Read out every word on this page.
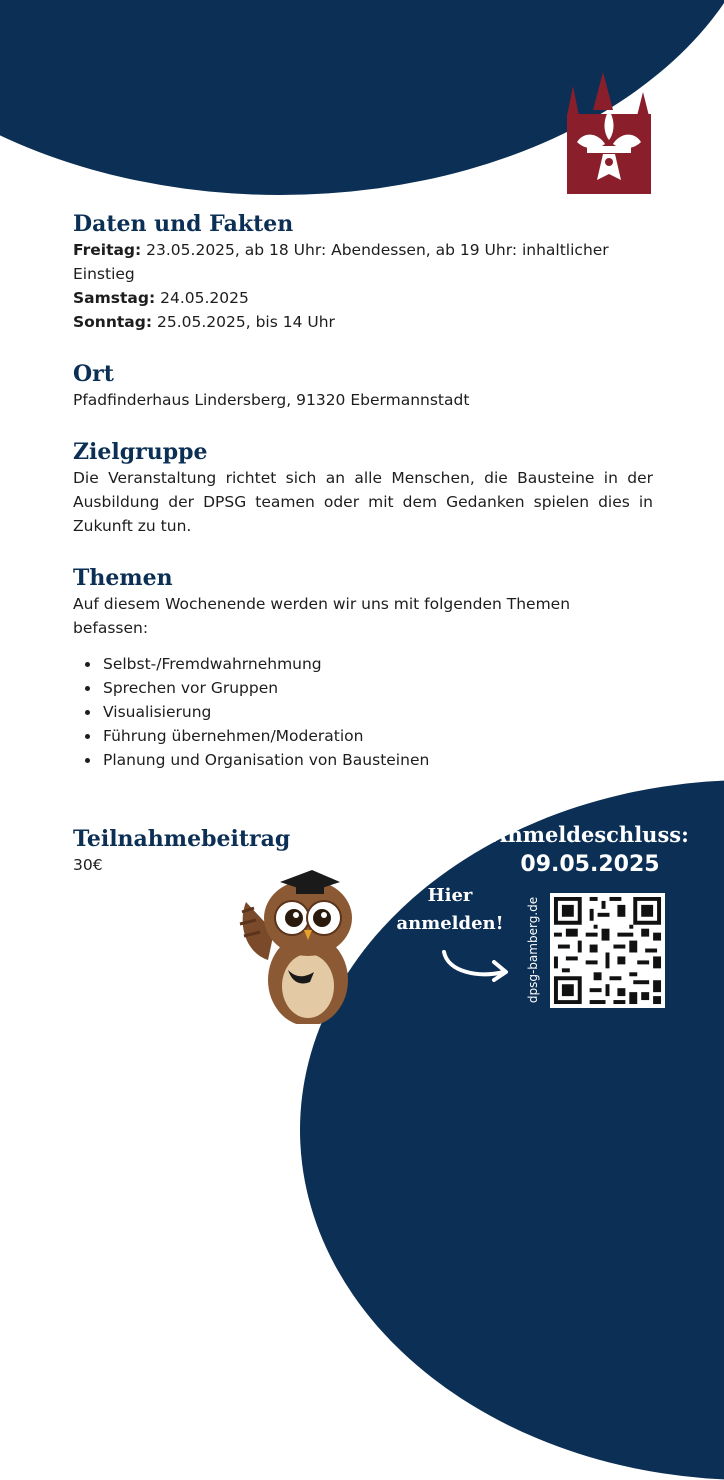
Daten und Fakten

Freitag: 23.05.2025, ab 18 Uhr: Abendessen, ab 19 Uhr: inhaltlicher Einstieg

Samstag: 24.05.2025

Sonntag: 25.05.2025, bis 14 Uhr

Ort

Pfadfinderhaus Lindersberg, 91320 Ebermannstadt

Zielgruppe

Die Veranstaltung richtet sich an alle Menschen, die Bausteine in der Ausbildung der DPSG teamen oder mit dem Gedanken spielen dies in Zukunft zu tun.

Themen

Auf diesem Wochenende werden wir uns mit folgenden Themen befassen:

• Selbst-/Fremdwahrnehmung
• Sprechen vor Gruppen
• Visualisierung
• Führung übernehmen/Moderation
• Planung und Organisation von Bausteinen
Teilnahmebeitrag
30€
Anmeldeschluss:
09.05.2025
Hier
anmelden!	dpsg-bamberg.de
